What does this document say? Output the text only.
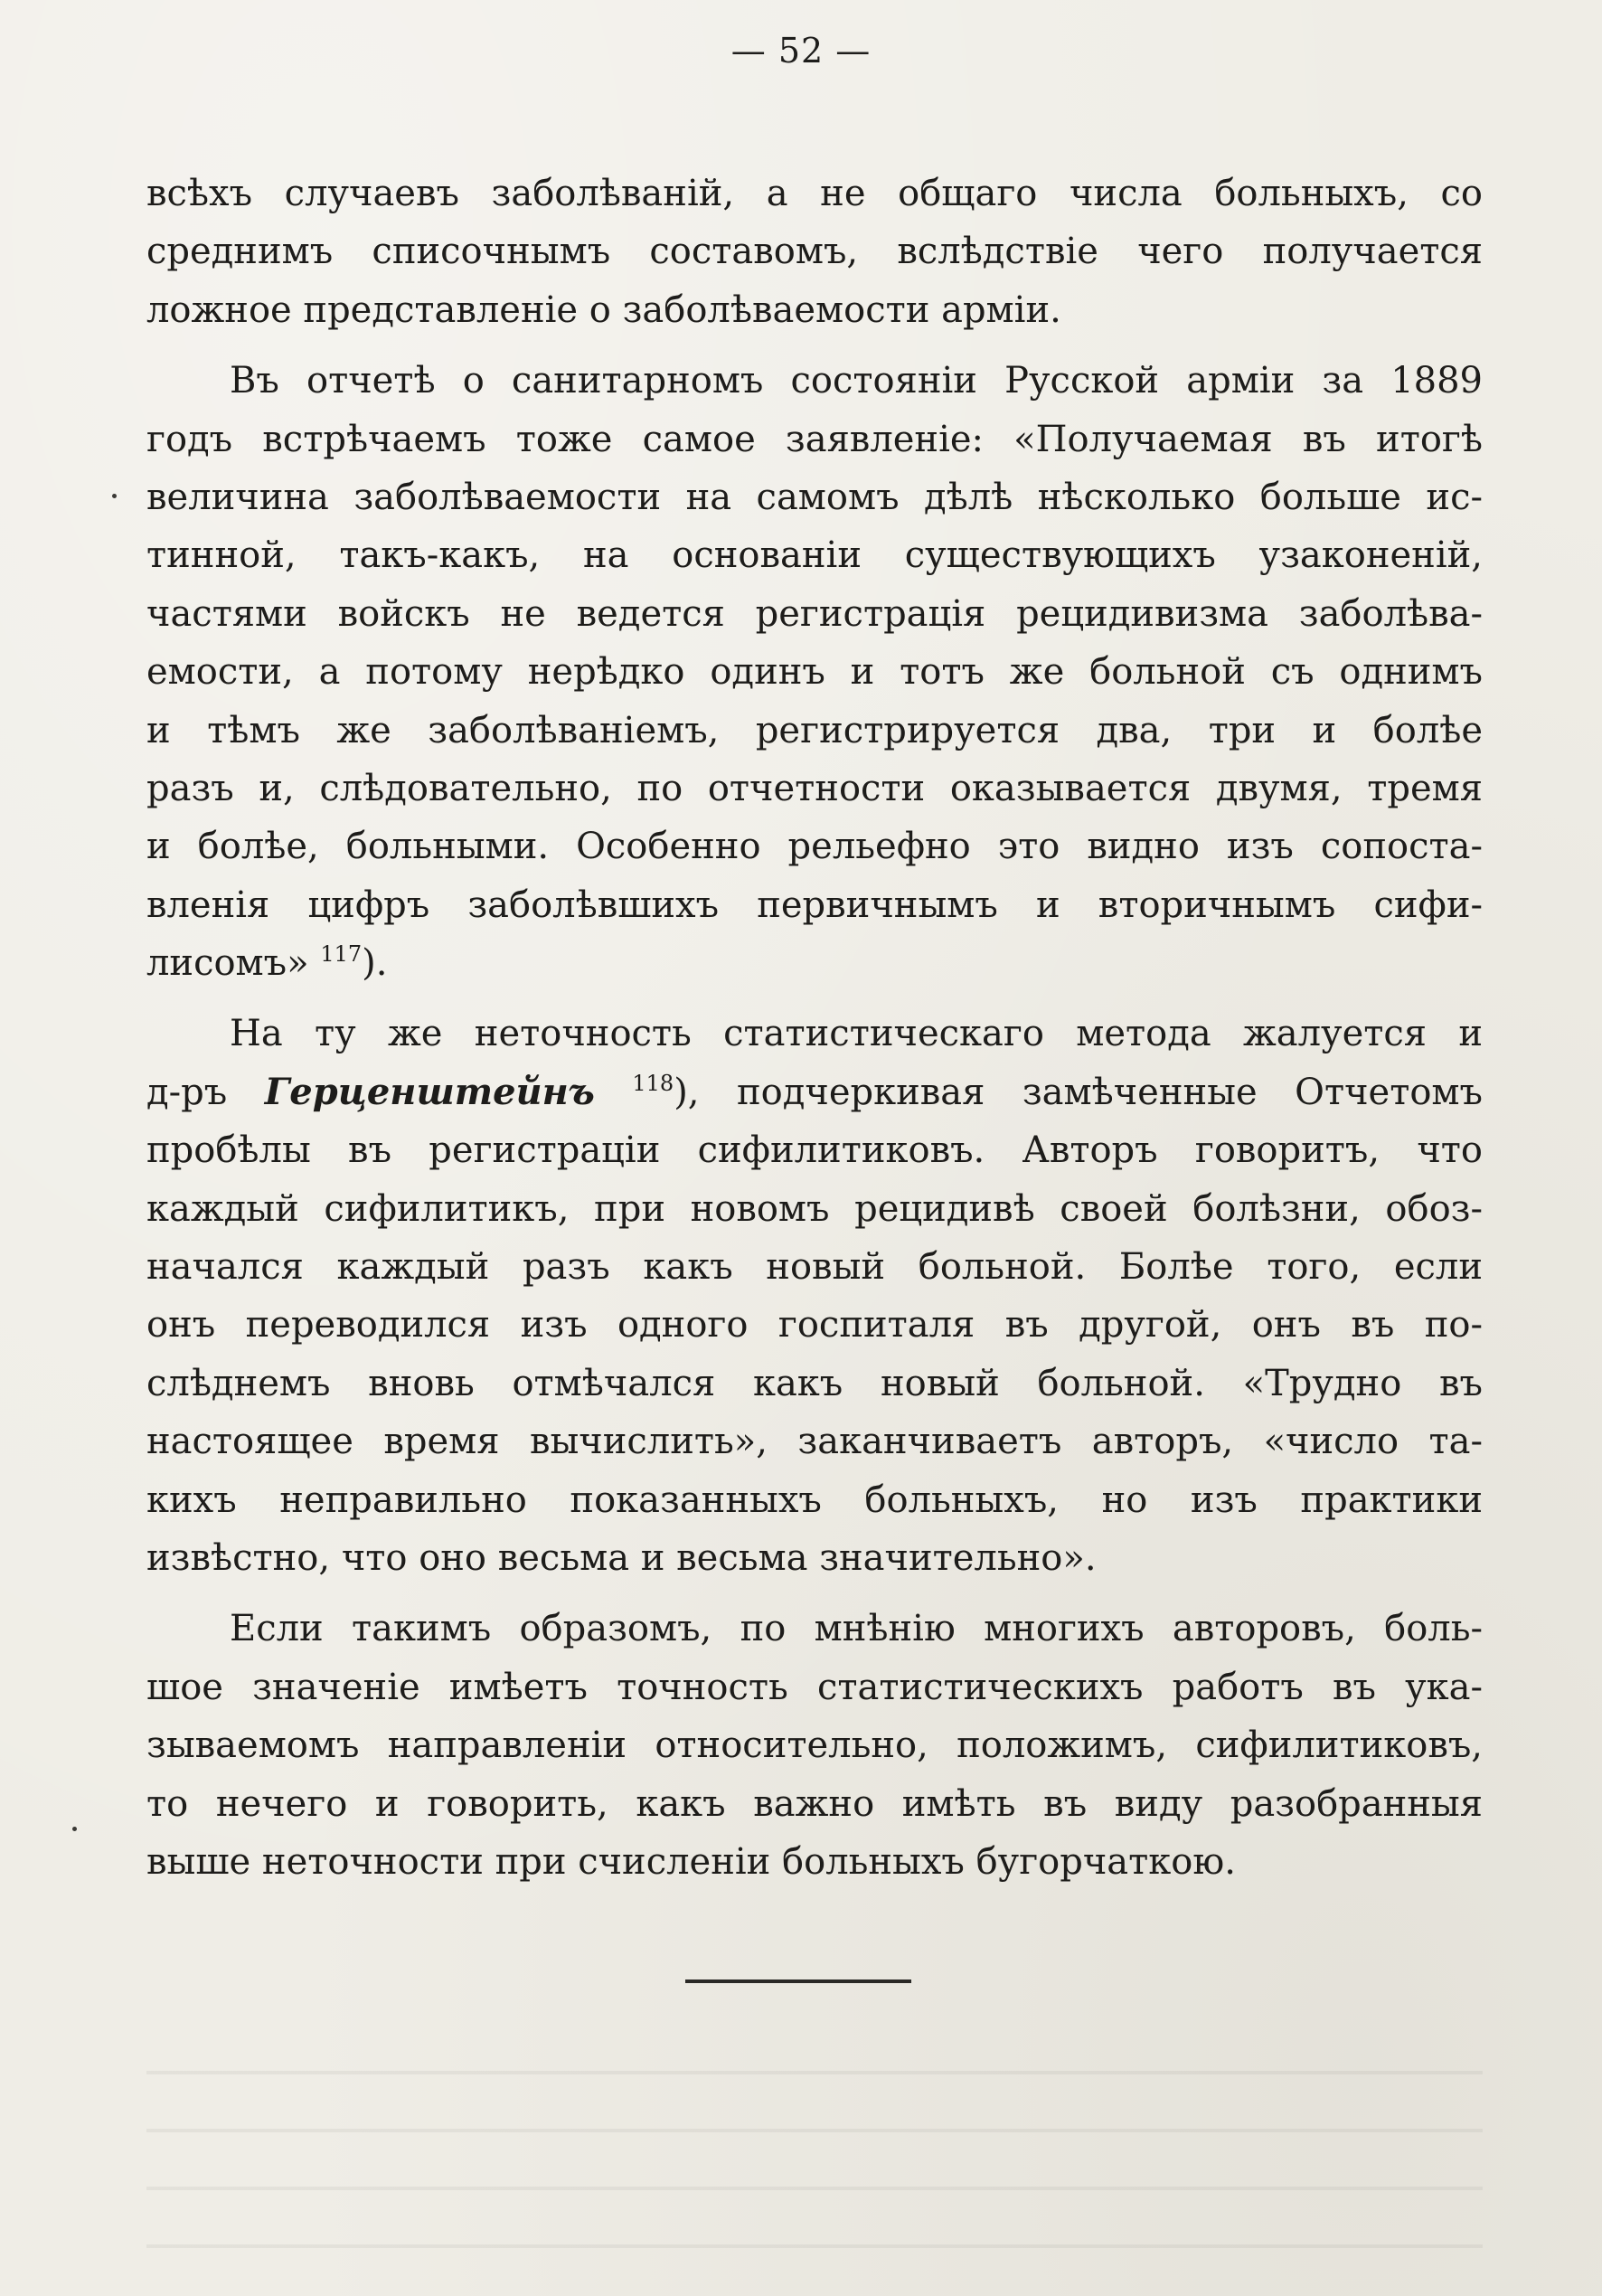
— 52 —
всѣхъ случаевъ заболѣваній, а не общаго числа больныхъ, со
среднимъ списочнымъ составомъ, вслѣдствіе чего получается
ложное представленіе о заболѣваемости арміи.
Въ отчетѣ о санитарномъ состояніи Русской арміи за 1889
годъ встрѣчаемъ тоже самое заявленіе: «Получаемая въ итогѣ
величина заболѣваемости на самомъ дѣлѣ нѣсколько больше ис-
тинной, такъ-какъ, на основаніи существующихъ узаконеній,
частями войскъ не ведется регистрація рецидивизма заболѣва-
емости, а потому нерѣдко одинъ и тотъ же больной съ однимъ
и тѣмъ же заболѣваніемъ, регистрируется два, три и болѣе
разъ и, слѣдовательно, по отчетности оказывается двумя, тремя
и болѣе, больными. Особенно рельефно это видно изъ сопоста-
вленія цифръ заболѣвшихъ первичнымъ и вторичнымъ сифи-
лисомъ» $^{117}$).
На ту же неточность статистическаго метода жалуется и
д-ръ Герценштейнъ $^{118}$), подчеркивая замѣченные Отчетомъ
пробѣлы въ регистраціи сифилитиковъ. Авторъ говоритъ, что
каждый сифилитикъ, при новомъ рецидивѣ своей болѣзни, обоз-
начался каждый разъ какъ новый больной. Болѣе того, если
онъ переводился изъ одного госпиталя въ другой, онъ въ по-
слѣднемъ вновь отмѣчался какъ новый больной. «Трудно въ
настоящее время вычислить», заканчиваетъ авторъ, «число та-
кихъ неправильно показанныхъ больныхъ, но изъ практики
извѣстно, что оно весьма и весьма значительно».
Если такимъ образомъ, по мнѣнію многихъ авторовъ, боль-
шое значеніе имѣетъ точность статистическихъ работъ въ ука-
зываемомъ направленіи относительно, положимъ, сифилитиковъ,
то нечего и говорить, какъ важно имѣть въ виду разобранныя
выше неточности при счисленіи больныхъ бугорчаткою.
